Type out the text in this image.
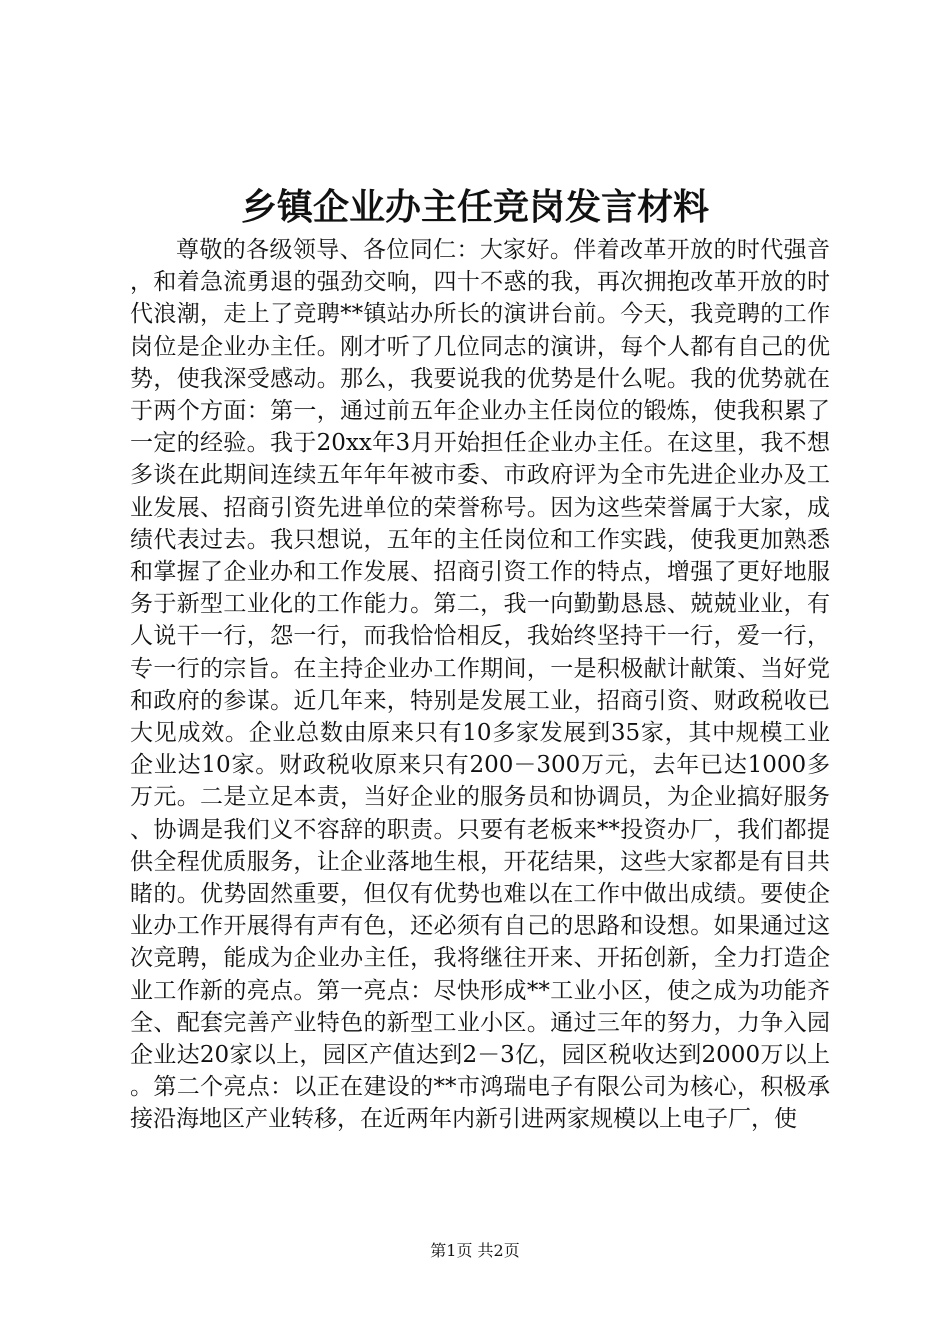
乡镇企业办主任竞岗发言材料

尊敬的各级领导、各位同仁：大家好。伴着改革开放的时代强音，和着急流勇退的强劲交响，四十不惑的我，再次拥抱改革开放的时代浪潮，走上了竞聘**镇站办所长的演讲台前。今天，我竞聘的工作岗位是企业办主任。刚才听了几位同志的演讲，每个人都有自己的优势，使我深受感动。那么，我要说我的优势是什么呢。我的优势就在于两个方面：第一，通过前五年企业办主任岗位的锻炼，使我积累了一定的经验。我于20xx年3月开始担任企业办主任。在这里，我不想多谈在此期间连续五年年年被市委、市政府评为全市先进企业办及工业发展、招商引资先进单位的荣誉称号。因为这些荣誉属于大家，成绩代表过去。我只想说，五年的主任岗位和工作实践，使我更加熟悉和掌握了企业办和工作发展、招商引资工作的特点，增强了更好地服务于新型工业化的工作能力。第二，我一向勤勤恳恳、兢兢业业，有人说干一行，怨一行，而我恰恰相反，我始终坚持干一行，爱一行，专一行的宗旨。在主持企业办工作期间，一是积极献计献策、当好党和政府的参谋。近几年来，特别是发展工业，招商引资、财政税收已大见成效。企业总数由原来只有10多家发展到35家，其中规模工业企业达10家。财政税收原来只有200－300万元，去年已达1000多万元。二是立足本责，当好企业的服务员和协调员，为企业搞好服务、协调是我们义不容辞的职责。只要有老板来**投资办厂，我们都提供全程优质服务，让企业落地生根，开花结果，这些大家都是有目共睹的。优势固然重要，但仅有优势也难以在工作中做出成绩。要使企业办工作开展得有声有色，还必须有自己的思路和设想。如果通过这次竞聘，能成为企业办主任，我将继往开来、开拓创新，全力打造企业工作新的亮点。第一亮点：尽快形成**工业小区，使之成为功能齐全、配套完善产业特色的新型工业小区。通过三年的努力，力争入园企业达20家以上，园区产值达到2－3亿，园区税收达到2000万以上。第二个亮点：以正在建设的**市鸿瑞电子有限公司为核心，积极承接沿海地区产业转移，在近两年内新引进两家规模以上电子厂，使

第1页 共2页
